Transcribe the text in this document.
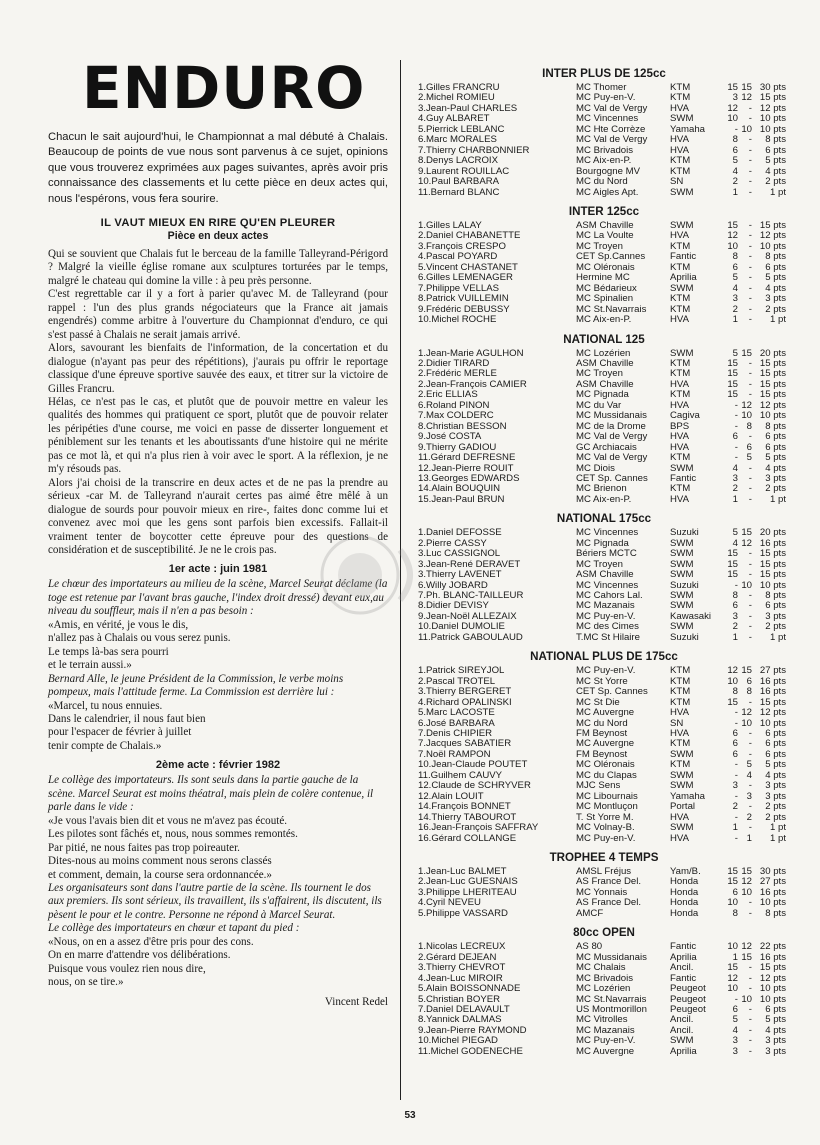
ENDURO

Chacun le sait aujourd'hui, le Championnat a mal débuté à Chalais. Beaucoup de points de vue nous sont parvenus à ce sujet, opinions que vous trouverez exprimées aux pages suivantes, après avoir pris connaissance des classements et lu cette pièce en deux actes qui, nous l'espérons, vous fera sourire.

IL VAUT MIEUX EN RIRE QU'EN PLEURER
Pièce en deux actes

Qui se souvient que Chalais fut le berceau de la famille Talleyrand-Périgord ? Malgré la vieille église romane aux sculptures torturées par le temps, malgré le chateau qui domine la ville : à peu près personne.

C'est regrettable car il y a fort à parier qu'avec M. de Talleyrand (pour rappel : l'un des plus grands négociateurs que la France ait jamais engendrés) comme arbitre à l'ouverture du Championnat d'enduro, ce qui s'est passé à Chalais ne serait jamais arrivé.

Alors, savourant les bienfaits de l'information, de la concertation et du dialogue (n'ayant pas peur des répétitions), j'aurais pu offrir le reportage classique d'une épreuve sportive sauvée des eaux, et titrer sur la victoire de Gilles Francru.

Hélas, ce n'est pas le cas, et plutôt que de pouvoir mettre en valeur les qualités des hommes qui pratiquent ce sport, plutôt que de pouvoir relater les péripéties d'une course, me voici en passe de disserter longuement et péniblement sur les tenants et les aboutissants d'une histoire qui ne mérite pas ce mot là, et qui n'a plus rien à voir avec le sport. A la réflexion, je ne m'y résouds pas.

Alors j'ai choisi de la transcrire en deux actes et de ne pas la prendre au sérieux -car M. de Talleyrand n'aurait certes pas aimé être mêlé à un dialogue de sourds pour pouvoir mieux en rire-, faites donc comme lui et convenez avec moi que les gens sont parfois bien excessifs. Fallait-il vraiment tenter de boycotter cette épreuve pour des questions de considération et de susceptibilité. Je ne le crois pas.

1er acte : juin 1981

Le chœur des importateurs au milieu de la scène, Marcel Seurat déclame (la toge est retenue par l'avant bras gauche, l'index droit dressé) devant eux,au niveau du souffleur, mais il n'en a pas besoin :

«Amis, en vérité, je vous le dis,

n'allez pas à Chalais ou vous serez punis.

Le temps là-bas sera pourri

et le terrain aussi.»

Bernard Alle, le jeune Président de la Commission, le verbe moins pompeux, mais l'attitude ferme. La Commission est derrière lui :

«Marcel, tu nous ennuies.

Dans le calendrier, il nous faut bien

pour l'espacer de février à juillet

tenir compte de Chalais.»

2ème acte : février 1982

Le collège des importateurs. Ils sont seuls dans la partie gauche de la scène. Marcel Seurat est moins théatral, mais plein de colère contenue, il parle dans le vide :

«Je vous l'avais bien dit et vous ne m'avez pas écouté.

Les pilotes sont fâchés et, nous, nous sommes remontés.

Par pitié, ne nous faites pas trop poireauter.

Dites-nous au moins comment nous serons classés

et comment, demain, la course sera ordonnancée.»

Les organisateurs sont dans l'autre partie de la scène. Ils tournent le dos aux premiers. Ils sont sérieux, ils travaillent, ils s'affairent, ils discutent, ils pèsent le pour et le contre. Personne ne répond à Marcel Seurat.

Le collège des importateurs en chœur et tapant du pied :

«Nous, on en a assez d'être pris pour des cons.

On en marre d'attendre vos délibérations.

Puisque vous voulez rien nous dire,

nous, on se tire.»

Vincent Redel
INTER PLUS DE 125cc
1.Gilles FRANCRU	MC Thomer	KTM	15 15 30 pts
2.Michel ROMIEU	MC Puy-en-V.	KTM	3 12 15 pts
3.Jean-Paul CHARLES	MC Val de Vergy	HVA	12	- 12 pts
4.Guy ALBARET	MC Vincennes	SWM	10	- 10 pts
5.Pierrick LEBLANC	MC Hte Corrèze	Yamaha	- 10 10 pts
6.Marc MORALES	MC Val de Vergy	HVA	8	-	8 pts
7.Thierry CHARBONNIER	MC Brivadois	HVA	6	-	6 pts
8.Denys LACROIX	MC Aix-en-P.	KTM	5	-	5 pts
9.Laurent ROUILLAC	Bourgogne MV	KTM	4	-	4 pts
10.Paul BARBARA	MC du Nord	SN	2	-	2 pts
11.Bernard BLANC	MC Aigles Apt.	SWM	1	-	1 pt
INTER 125cc
1.Gilles LALAY	ASM Chaville	SWM	15	- 15 pts
2.Daniel CHABANETTE	MC La Voulte	HVA	12	- 12 pts
3.François CRESPO	MC Troyen	KTM	10	- 10 pts
4.Pascal POYARD	CET Sp.Cannes	Fantic	8	-	8 pts
5.Vincent CHASTANET	MC Oléronais	KTM	6	-	6 pts
6.Gilles LEMÉNAGER	Hermine MC	Aprilia	5	-	5 pts
7.Philippe VELLAS	MC Bédarieux	SWM	4	-	4 pts
8.Patrick VUILLEMIN	MC Spinalien	KTM	3	-	3 pts
9.Frédéric DEBUSSY	MC St.Navarrais	KTM	2	-	2 pts
10.Michel ROCHE	MC Aix-en-P.	HVA	1	-	1 pt
NATIONAL 125
1.Jean-Marie AGULHON	MC Lozérien	SWM	5 15 20 pts
2.Didier TIRARD	ASM Chaville	KTM	15	- 15 pts
2.Frédéric MERLE	MC Troyen	KTM	15	- 15 pts
2.Jean-François CAMIER	ASM Chaville	HVA	15	- 15 pts
2.Éric ELLIAS	MC Pignada	KTM	15	- 15 pts
6.Roland PINON	MC du Var	HVA	- 12 12 pts
7.Max COLDERC	MC Mussidanais	Cagiva	- 10 10 pts
8.Christian BESSON	MC de la Drome	BPS	- 8	8 pts
9.José COSTA	MC Val de Vergy	HVA	6	-	6 pts
9.Thierry GADIOU	GC Archiacais	HVA	- 6	6 pts
11.Gérard DEFRESNE	MC Val de Vergy	KTM	- 5	5 pts
12.Jean-Pierre ROUIT	MC Diois	SWM	4	-	4 pts
13.Georges EDWARDS	CET Sp. Cannes	Fantic	3	-	3 pts
14.Alain BOUQUIN	MC Brienon	KTM	2	-	2 pts
15.Jean-Paul BRUN	MC Aix-en-P.	HVA	1	-	1 pt
NATIONAL 175cc
1.Daniel DEFOSSE	MC Vincennes	Suzuki	5 15 20 pts
2.Pierre CASSY	MC Pignada	SWM	4 12 16 pts
3.Luc CASSIGNOL	Bériers MCTC	SWM	15	- 15 pts
3.Jean-René DERAVET	MC Troyen	SWM	15	- 15 pts
3.Thierry LAVENET	ASM Chaville	SWM	15	- 15 pts
6.Willy JOBARD	MC Vincennes	Suzuki	- 10 10 pts
7.Ph. BLANC-TAILLEUR	MC Cahors Lal.	SWM	8	-	8 pts
8.Didier DEVISY	MC Mazanais	SWM	6	-	6 pts
9.Jean-Noël ALLEZAIX	MC Puy-en-V.	Kawasaki	3	-	3 pts
10.Daniel DUMOLIE	MC des Cimes	SWM	2	-	2 pts
11.Patrick GABOULAUD	T.MC St Hilaire	Suzuki	1	-	1 pt
NATIONAL PLUS DE 175cc
1.Patrick SIREYJOL	MC Puy-en-V.	KTM	12 15 27 pts
2.Pascal TROTEL	MC St Yorre	KTM	10 6 16 pts
3.Thierry BERGERET	CET Sp. Cannes	KTM	8 8 16 pts
4.Richard OPALINSKI	MC St Die	KTM	15	- 15 pts
5.Marc LACOSTE	MC Auvergne	HVA	- 12 12 pts
6.José BARBARA	MC du Nord	SN	- 10 10 pts
7.Denis CHIPIER	FM Beynost	HVA	6	-	6 pts
7.Jacques SABATIER	MC Auvergne	KTM	6	-	6 pts
7.Noël RAMPON	FM Beynost	SWM	6	-	6 pts
10.Jean-Claude POUTET	MC Oléronais	KTM	- 5	5 pts
11.Guilhem CAUVY	MC du Clapas	SWM	- 4	4 pts
12.Claude de SCHRYVER	MJC Sens	SWM	3	-	3 pts
12.Alain LOUIT	MC Libournais	Yamaha	- 3	3 pts
14.François BONNET	MC Montluçon	Portal	2	-	2 pts
14.Thierry TABOUROT	T. St Yorre M.	HVA	- 2	2 pts
16.Jean-François SAFFRAY	MC Volnay-B.	SWM	1	-	1 pt
16.Gérard COLLANGE	MC Puy-en-V.	HVA	- 1	1 pt
TROPHEE 4 TEMPS
1.Jean-Luc BALMET	AMSL Fréjus	Yam/B.	15 15 30 pts
2.Jean-Luc GUESNAIS	AS France Del.	Honda	15 12 27 pts
3.Philippe LHERITEAU	MC Yonnais	Honda	6 10 16 pts
4.Cyril NEVEU	AS France Del.	Honda	10	- 10 pts
5.Philippe VASSARD	AMCF	Honda	8	-	8 pts
80cc OPEN
1.Nicolas LECREUX	AS 80	Fantic	10 12 22 pts
2.Gérard DEJEAN	MC Mussidanais	Aprilia	1 15 16 pts
3.Thierry CHEVROT	MC Chalais	Ancil.	15	- 15 pts
4.Jean-Luc MIROIR	MC Brivadois	Fantic	12	- 12 pts
5.Alain BOISSONNADE	MC Lozérien	Peugeot	10	- 10 pts
5.Christian BOYER	MC St.Navarrais	Peugeot	- 10 10 pts
7.Daniel DELAVAULT	US Montmorillon	Peugeot	6	-	6 pts
8.Yannick DALMAS	MC Vitrolles	Ancil.	5	-	5 pts
9.Jean-Pierre RAYMOND	MC Mazanais	Ancil.	4	-	4 pts
10.Michel PIEGAD	MC Puy-en-V.	SWM	3	-	3 pts
11.Michel GODENECHE	MC Auvergne	Aprilia	3	-	3 pts
53
